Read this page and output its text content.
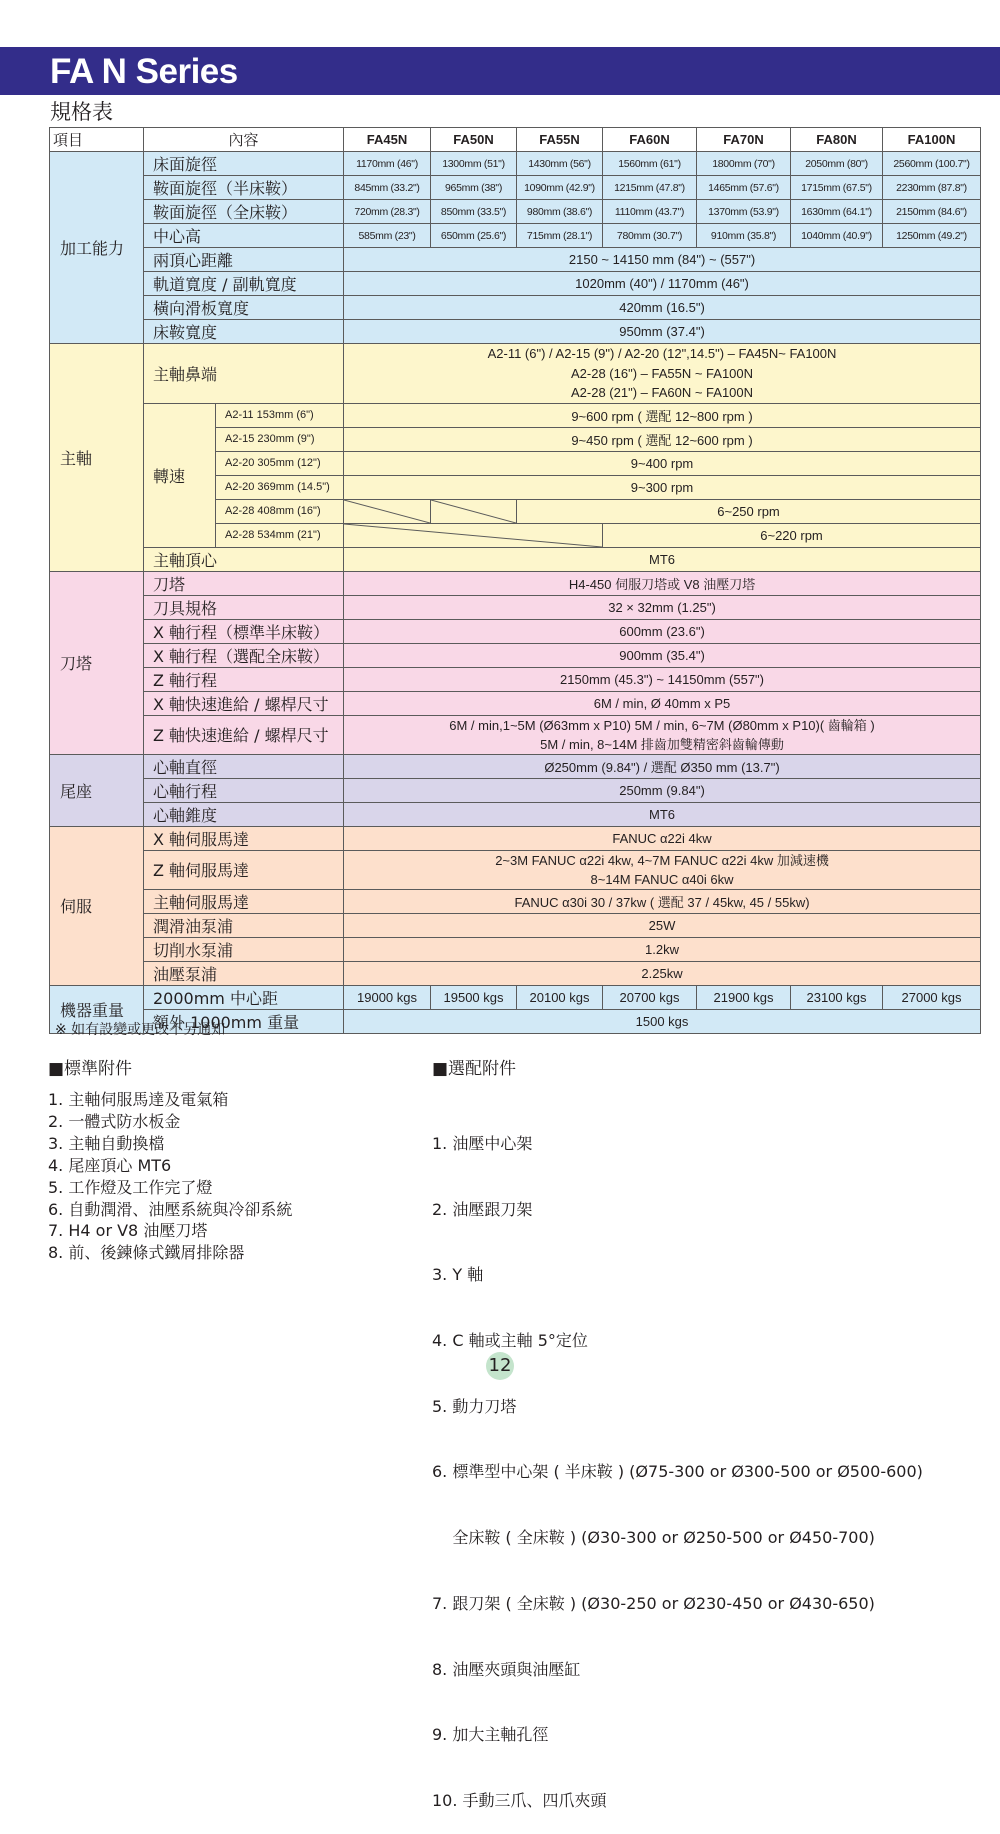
FA N Series
規格表
項目	內容		FA45N	FA50N	FA55N	FA60N	FA70N	FA80N	FA100N
加工能力	床面旋徑		1170mm (46")	1300mm (51")	1430mm (56")	1560mm (61")	1800mm (70")	2050mm (80")	2560mm (100.7")
	鞍面旋徑（半床鞍）		845mm (33.2")	965mm (38")	1090mm (42.9")	1215mm (47.8")	1465mm (57.6")	1715mm (67.5")	2230mm (87.8")
	鞍面旋徑（全床鞍）		720mm (28.3")	850mm (33.5")	980mm (38.6")	1110mm (43.7")	1370mm (53.9")	1630mm (64.1")	2150mm (84.6")
	中心高		585mm (23")	650mm (25.6")	715mm (28.1")	780mm (30.7")	910mm (35.8")	1040mm (40.9")	1250mm (49.2")
	兩頂心距離		2150 ~ 14150 mm (84") ~ (557")						
	軌道寬度 / 副軌寬度		1020mm (40") / 1170mm (46")						
	橫向滑板寬度		420mm (16.5")						
	床鞍寬度		950mm (37.4")						
主軸	主軸鼻端		A2-11 (6") / A2-15 (9") / A2-20 (12",14.5") – FA45N~ FA100N
A2-28 (16") – FA55N ~ FA100N
A2-28 (21") – FA60N ~ FA100N						

	轉速	A2-11 153mm (6")	9~600 rpm ( 選配 12~800 rpm )						
		A2-15 230mm (9")	9~450 rpm ( 選配 12~600 rpm )						
		A2-20 305mm (12")	9~400 rpm						
		A2-20 369mm (14.5")	9~300 rpm						
		A2-28 408mm (16")			6~250 rpm				
		A2-28 534mm (21")				6~220 rpm			
	主軸頂心		MT6						

刀塔	刀塔		H4-450 伺服刀塔或 V8 油壓刀塔						
	刀具規格		32 × 32mm (1.25")						
	X 軸行程（標準半床鞍）		600mm (23.6")						
	X 軸行程（選配全床鞍）		900mm (35.4")						
	Z 軸行程		2150mm (45.3") ~ 14150mm (557")						
	X 軸快速進給 / 螺桿尺寸		6M / min, Ø 40mm x P5						
	Z 軸快速進給 / 螺桿尺寸		6M / min,1~5M (Ø63mm x P10) 5M / min, 6~7M (Ø80mm x P10)( 齒輪箱 )
5M / min, 8~14M 排齒加雙精密斜齒輪傳動						

尾座	心軸直徑		Ø250mm (9.84") / 選配 Ø350 mm (13.7")						
	心軸行程		250mm (9.84")						
	心軸錐度		MT6						
伺服	X 軸伺服馬達		FANUC α22i 4kw						
	Z 軸伺服馬達		2~3M FANUC α22i 4kw, 4~7M FANUC α22i 4kw 加減速機
8~14M FANUC α40i 6kw						

	主軸伺服馬達		FANUC α30i 30 / 37kw ( 選配 37 / 45kw, 45 / 55kw)						
	潤滑油泵浦		25W						
	切削水泵浦		1.2kw						
	油壓泵浦		2.25kw						
機器重量	2000mm 中心距		19000 kgs	19500 kgs	20100 kgs	20700 kgs	21900 kgs	23100 kgs	27000 kgs
	額外 1000mm 重量		1500 kgs						
※ 如有設變或更改不另通知
■標準附件
1. 主軸伺服馬達及電氣箱
2. 一體式防水板金
3. 主軸自動換檔
4. 尾座頂心 MT6
5. 工作燈及工作完了燈
6. 自動潤滑、油壓系統與冷卻系統
7. H4 or V8 油壓刀塔
8. 前、後鍊條式鐵屑排除器
■選配附件

1. 油壓中心架

2. 油壓跟刀架

3. Y 軸

4. C 軸或主軸 5°定位

5. 動力刀塔

6. 標準型中心架 ( 半床鞍 ) (Ø75-300 or Ø300-500 or Ø500-600)

全床鞍 ( 全床鞍 ) (Ø30-300 or Ø250-500 or Ø450-700)

7. 跟刀架 ( 全床鞍 ) (Ø30-250 or Ø230-450 or Ø430-650)

8. 油壓夾頭與油壓缸

9. 加大主軸孔徑

10. 手動三爪、四爪夾頭

12
